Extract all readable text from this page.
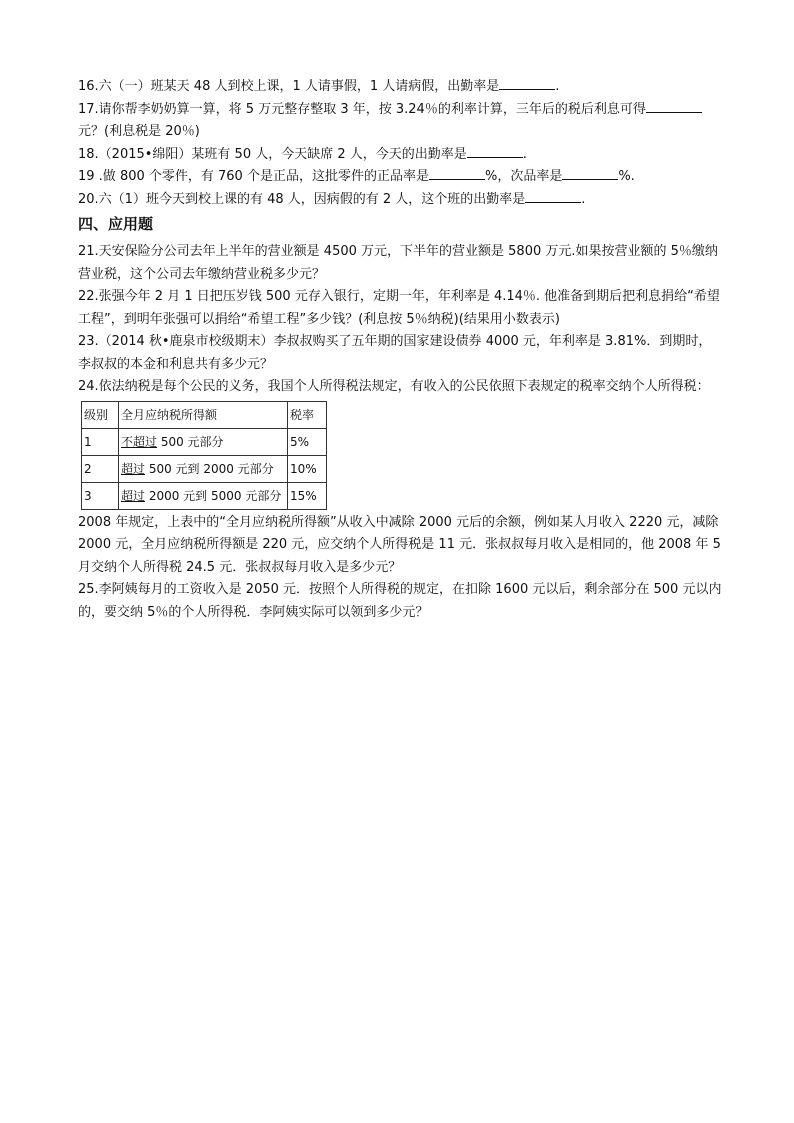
16.六（一）班某天 48 人到校上课，1 人请事假，1 人请病假，出勤率是	.

17.请你帮李奶奶算一算，将 5 万元整存整取 3 年，按 3.24％的利率计算，三年后的税后利息可得
元？(利息税是 20％)

18.（2015•绵阳）某班有 50 人，今天缺席 2 人，今天的出勤率是	.

19 .做 800 个零件，有 760 个是正品，这批零件的正品率是	%，次品率是	%.

20.六（1）班今天到校上课的有 48 人，因病假的有 2 人，这个班的出勤率是	.

四、应用题

21.天安保险分公司去年上半年的营业额是 4500 万元，下半年的营业额是 5800 万元.如果按营业额的 5％缴纳营业税，这个公司去年缴纳营业税多少元？

22.张强今年 2 月 1 日把压岁钱 500 元存入银行，定期一年，年利率是 4.14％. 他准备到期后把利息捐给“希望工程”，到明年张强可以捐给“希望工程”多少钱？(利息按 5％纳税)(结果用小数表示)

23.（2014 秋•鹿泉市校级期末）李叔叔购买了五年期的国家建设债券 4000 元，年利率是 3.81%．到期时，李叔叔的本金和利息共有多少元？

24.依法纳税是每个公民的义务，我国个人所得税法规定，有收入的公民依照下表规定的税率交纳个人所得税：

级别	全月应纳税所得额	税率
1	不超过 500 元部分	5%
2	超过 500 元到 2000 元部分	10%
3	超过 2000 元到 5000 元部分	15%

2008 年规定，上表中的“全月应纳税所得额”从收入中减除 2000 元后的余额，例如某人月收入 2220 元，减除 2000 元，全月应纳税所得额是 220 元，应交纳个人所得税是 11 元．张叔叔每月收入是相同的，他 2008 年 5 月交纳个人所得税 24.5 元．张叔叔每月收入是多少元？

25.李阿姨每月的工资收入是 2050 元．按照个人所得税的规定，在扣除 1600 元以后，剩余部分在 500 元以内的，要交纳 5％的个人所得税．李阿姨实际可以领到多少元？
